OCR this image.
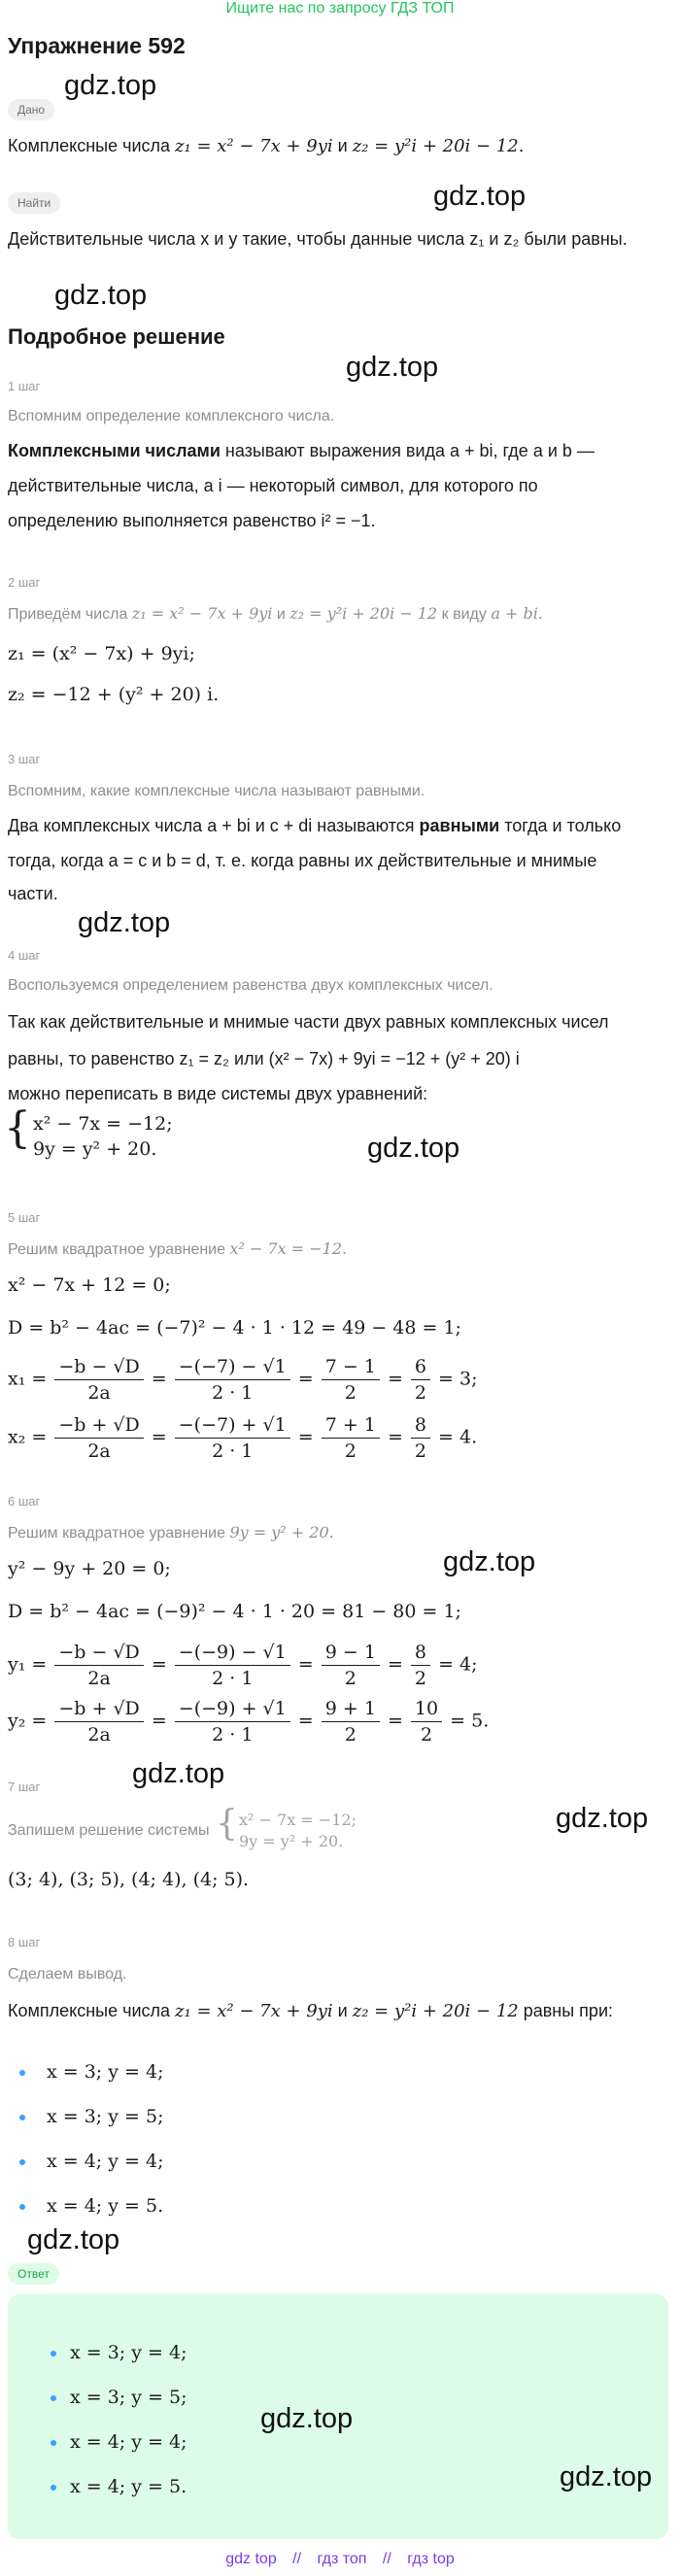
Ищите нас по запросу ГДЗ ТОП
Упражнение 592
Дано
Комплексные числа z₁ = x² − 7x + 9yi и z₂ = y²i + 20i − 12.
Найти
Действительные числа x и y такие, чтобы данные числа z₁ и z₂ были равны.
Подробное решение
1 шаг
Вспомним определение комплексного числа.
Комплексными числами называют выражения вида a + bi, где a и b —
действительные числа, а i — некоторый символ, для которого по
определению выполняется равенство i² = −1.
2 шаг
Приведём числа z₁ = x² − 7x + 9yi и z₂ = y²i + 20i − 12 к виду a + bi.
z₁ = (x² − 7x) + 9yi;
z₂ = −12 + (y² + 20) i.
3 шаг
Вспомним, какие комплексные числа называют равными.
Два комплексных числа a + bi и c + di называются равными тогда и только
тогда, когда a = c и b = d, т. е. когда равны их действительные и мнимые
части.
4 шаг
Воспользуемся определением равенства двух комплексных чисел.
Так как действительные и мнимые части двух равных комплексных чисел
равны, то равенство z₁ = z₂ или (x² − 7x) + 9yi = −12 + (y² + 20) i
можно переписать в виде системы двух уравнений:
{ x² − 7x = −12;
9y = y² + 20.
5 шаг
Решим квадратное уравнение x² − 7x = −12.
x² − 7x + 12 = 0;
D = b² − 4ac = (−7)² − 4 · 1 · 12 = 49 − 48 = 1;
$x_1 = \frac{-b - √D}{2a} = \frac{-(-7) - √1}{2 \cdot 1} = \frac{7 - 1}{2} = \frac{6}{2} = 3$;
$x_2 = \frac{-b + √D}{2a} = \frac{-(-7) + √1}{2 \cdot 1} = \frac{7 + 1}{2} = \frac{8}{2} = 4$.
6 шаг
Решим квадратное уравнение 9y = y² + 20.
y² − 9y + 20 = 0;
D = b² − 4ac = (−9)² − 4 · 1 · 20 = 81 − 80 = 1;
$y_1 = \frac{-b - √D}{2a} = \frac{-(-9) - √1}{2 \cdot 1} = \frac{9 - 1}{2} = \frac{8}{2} = 4$;
$y_2 = \frac{-b + √D}{2a} = \frac{-(-9) + √1}{2 \cdot 1} = \frac{9 + 1}{2} = \frac{10}{2} = 5$.
7 шаг
Запишем решение системы { x² − 7x = −12;
9y = y² + 20.
(3; 4), (3; 5), (4; 4), (4; 5).
8 шаг
Сделаем вывод.
Комплексные числа z₁ = x² − 7x + 9yi и z₂ = y²i + 20i − 12 равны при:
x = 3; y = 4;
x = 3; y = 5;
x = 4; y = 4;
x = 4; y = 5.
Ответ
x = 3; y = 4;
x = 3; y = 5;
x = 4; y = 4;
x = 4; y = 5.
gdz.top
gdz.top
gdz.top
gdz.top
gdz.top
gdz.top
gdz.top
gdz.top
gdz.top
gdz.top
gdz.top
gdz.top
gdz top // гдз топ // гдз top
